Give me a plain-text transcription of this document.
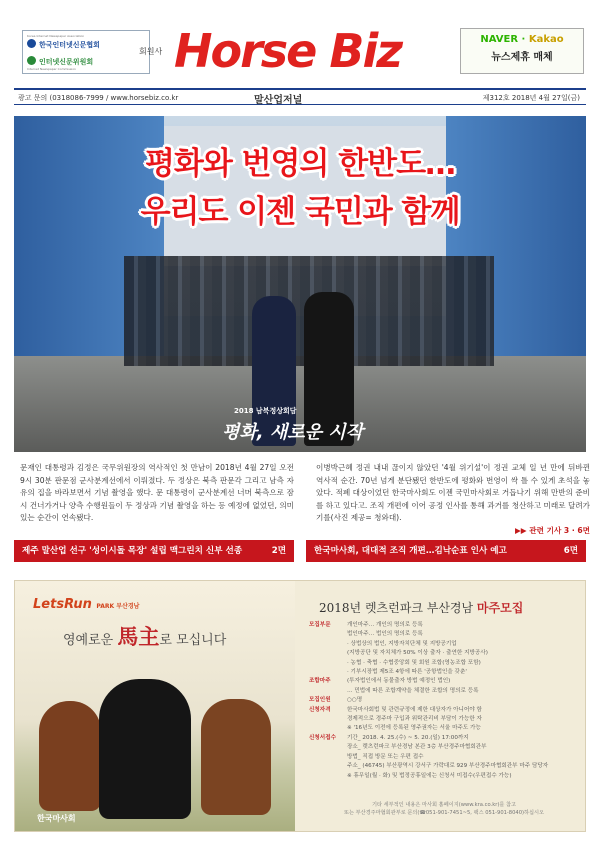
Korea Internet Newspaper Association
한국인터넷신문협회
인터넷신문위원회
Internet Newspaper Commission
회원사 Horse Biz	NAVER · Kakao
뉴스제휴 매체
광고 문의 (0318086-7999 / www.horsebiz.co.kr	말산업저널	제312호 2018년 4월 27일(금)
평화와 번영의 한반도…
우리도 이젠 국민과 함께
2018 남북정상회담
평화, 새로운 시작

문재인 대통령과 김정은 국무위원장의 역사적인 첫 만남이 2018년 4월 27일 오전 9시 30분 판문점 군사분계선에서 이뤄졌다. 두 정상은 북측 판문각 그리고 남측 자유의 집을 바라보면서 기념 촬영을 했다. 문 대통령이 군사분계선 너머 북측으로 잠시 건너가거나 양측 수행원들이 두 정상과 기념 촬영을 하는 등 예정에 없었던, 의미 있는 순간이 연속됐다.

이병박근혜 정권 내내 끊이지 않았던 '4월 위기설'이 정권 교체 일 년 만에 뒤바뀐 역사적 순간. 70년 넘게 분단됐던 한반도에 평화와 번영이 싹 틀 수 있게 초석을 놓았다. 적폐 대상이었던 한국마사회도 이젠 국민마사회로 거듭나기 위해 만반의 준비를 하고 있다고. 조직 개편에 이어 공정 인사를 통해 과거를 청산하고 미래로 달려가기를(사진 제공= 청와대).
▶▶ 관련 기사 3 · 6면
제주 말산업 선구 '성이시돌 목장' 설립 맥그린치 신부 선종	2면	한국마사회, 대대적 조직 개편…김낙순표 인사 예고	6면
LetsRun PARK 부산경남
영예로운 馬主로 모십니다
한국마사회
2018년 렛츠런파크 부산경남 마주모집
모집부문	개인마주… 개인의 명의로 등록
법인마주… 법인의 명의로 등록
· 상법상의 법인, 지방자치단체 및 지방공기업
(지방공단 및 자치체가 50% 이상 출자 · 출연한 지방공사)
· 농협 · 축협 · 수협중앙회 및 회원 조합(영농조합 포함)
· 기부시장법 제5조 4항에 따른 '공항법인을 갖춘'
조합마주	(투자법인에서 동물출자 방법 예정인 법인)
… 민법에 따른 조합계약을 체결한 조합의 명의로 등록
모집인원	○○명
신청자격	한국마사회법 및 관련규정에 제한 대상자가 아니어야 함
경제적으로 경주마 구입과 위탁관리비 부담이 가능한 자
※ '16년도 이전에 등록된 영주권자는 서울 마주도 가능
신청서접수	기간_ 2018. 4. 25.(수) ~ 5. 20.(일) 17:00까지
장소_ 렛츠런파크 부산경남 본관 3층 부산경주마협회관부
방법_ 직접 방문 또는 우편 접수
주소_ (46745) 부산광역시 강서구 가락대로 929 부산경주마협회관부 마주 담당자
※ 휴무일(월 · 화) 및 법정공휴일에는 신청서 미접수(우편접수 가능)
기타 세부적인 내용은 마사회 홈페이지(www.kra.co.kr)를 참고
또는 부산경주마협회관부로 문의(☎051-901-7451~5, 팩스 051-901-8040)하십시오
